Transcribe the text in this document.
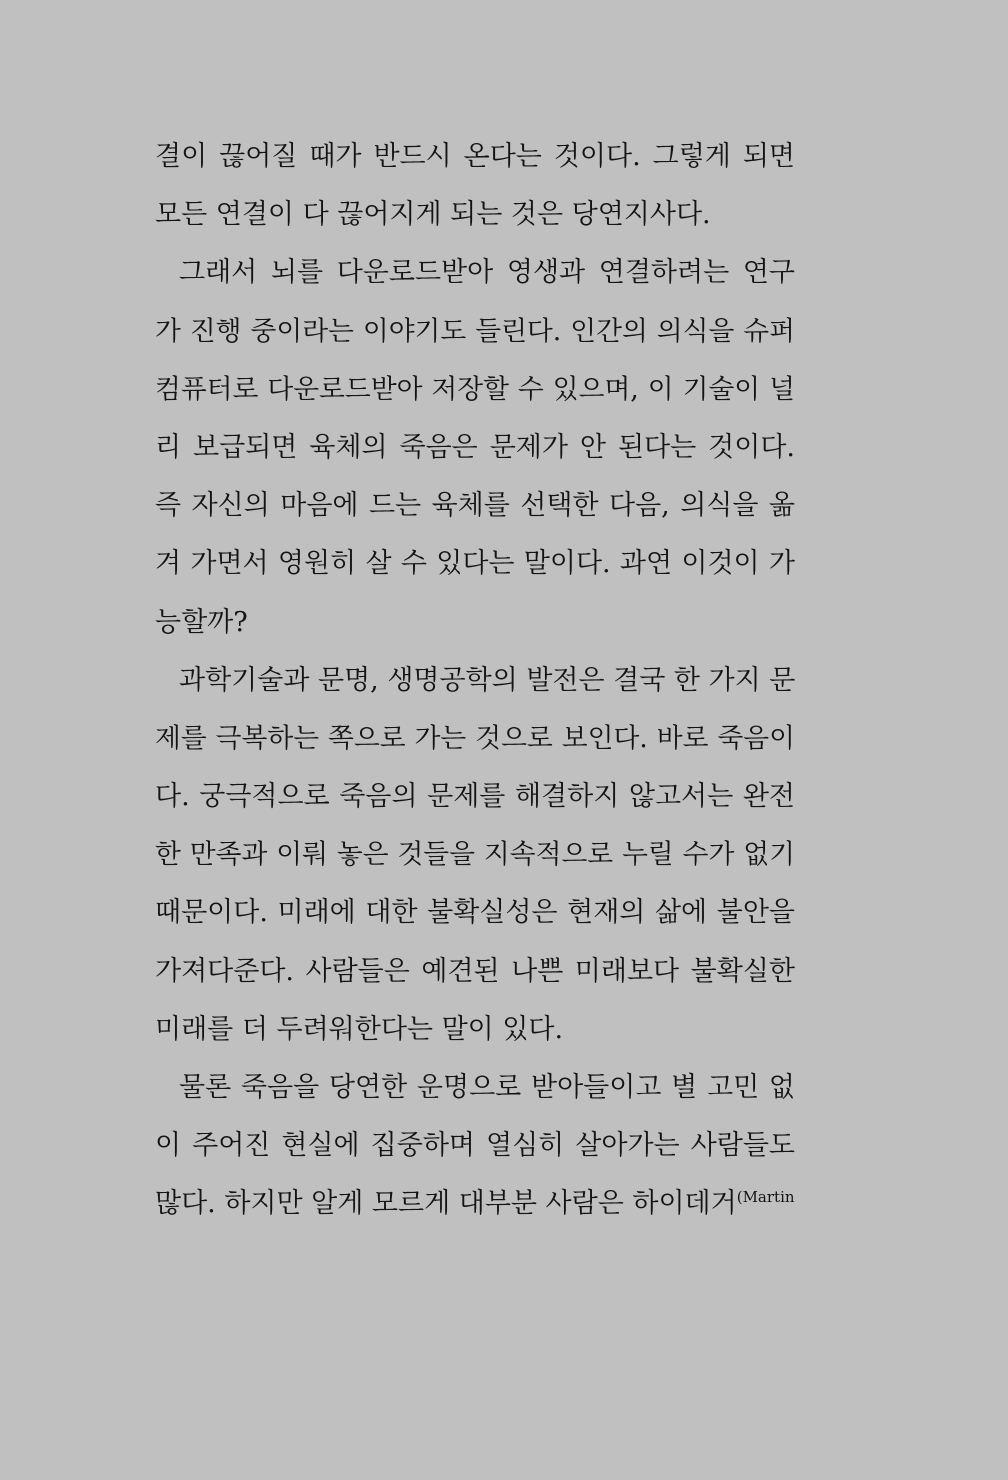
결이 끊어질 때가 반드시 온다는 것이다. 그렇게 되면
모든 연결이 다 끊어지게 되는 것은 당연지사다.
그래서 뇌를 다운로드받아 영생과 연결하려는 연구
가 진행 중이라는 이야기도 들린다. 인간의 의식을 슈퍼
컴퓨터로 다운로드받아 저장할 수 있으며, 이 기술이 널
리 보급되면 육체의 죽음은 문제가 안 된다는 것이다.
즉 자신의 마음에 드는 육체를 선택한 다음, 의식을 옮
겨 가면서 영원히 살 수 있다는 말이다. 과연 이것이 가
능할까?
과학기술과 문명, 생명공학의 발전은 결국 한 가지 문
제를 극복하는 쪽으로 가는 것으로 보인다. 바로 죽음이
다. 궁극적으로 죽음의 문제를 해결하지 않고서는 완전
한 만족과 이뤄 놓은 것들을 지속적으로 누릴 수가 없기
때문이다. 미래에 대한 불확실성은 현재의 삶에 불안을
가져다준다. 사람들은 예견된 나쁜 미래보다 불확실한
미래를 더 두려워한다는 말이 있다.
물론 죽음을 당연한 운명으로 받아들이고 별 고민 없
이 주어진 현실에 집중하며 열심히 살아가는 사람들도
많다. 하지만 알게 모르게 대부분 사람은 하이데거$^{(Martin}$
